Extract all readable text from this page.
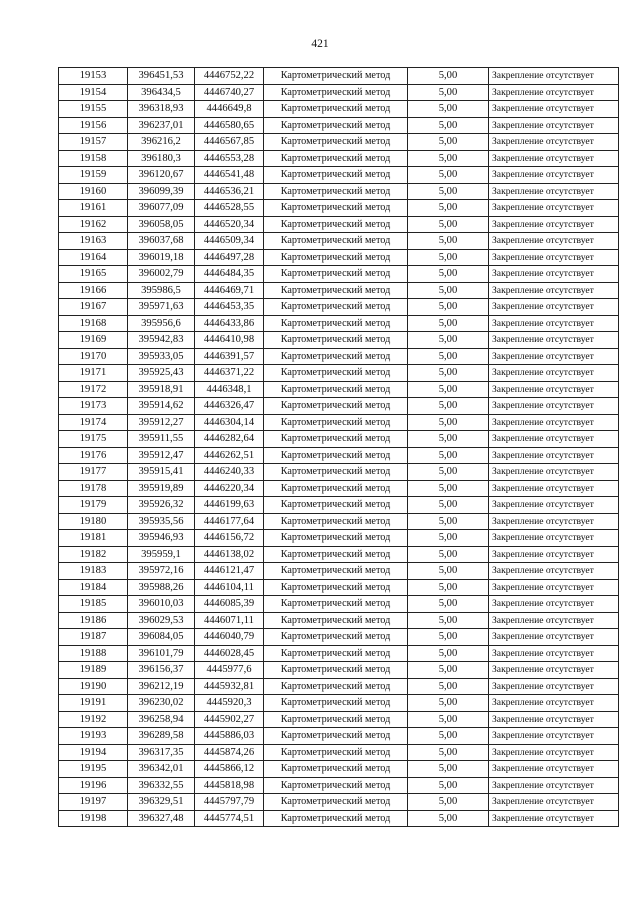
421
19153	396451,53	4446752,22	Картометрический метод	5,00	Закрепление отсутствует
19154	396434,5	4446740,27	Картометрический метод	5,00	Закрепление отсутствует
19155	396318,93	4446649,8	Картометрический метод	5,00	Закрепление отсутствует
19156	396237,01	4446580,65	Картометрический метод	5,00	Закрепление отсутствует
19157	396216,2	4446567,85	Картометрический метод	5,00	Закрепление отсутствует
19158	396180,3	4446553,28	Картометрический метод	5,00	Закрепление отсутствует
19159	396120,67	4446541,48	Картометрический метод	5,00	Закрепление отсутствует
19160	396099,39	4446536,21	Картометрический метод	5,00	Закрепление отсутствует
19161	396077,09	4446528,55	Картометрический метод	5,00	Закрепление отсутствует
19162	396058,05	4446520,34	Картометрический метод	5,00	Закрепление отсутствует
19163	396037,68	4446509,34	Картометрический метод	5,00	Закрепление отсутствует
19164	396019,18	4446497,28	Картометрический метод	5,00	Закрепление отсутствует
19165	396002,79	4446484,35	Картометрический метод	5,00	Закрепление отсутствует
19166	395986,5	4446469,71	Картометрический метод	5,00	Закрепление отсутствует
19167	395971,63	4446453,35	Картометрический метод	5,00	Закрепление отсутствует
19168	395956,6	4446433,86	Картометрический метод	5,00	Закрепление отсутствует
19169	395942,83	4446410,98	Картометрический метод	5,00	Закрепление отсутствует
19170	395933,05	4446391,57	Картометрический метод	5,00	Закрепление отсутствует
19171	395925,43	4446371,22	Картометрический метод	5,00	Закрепление отсутствует
19172	395918,91	4446348,1	Картометрический метод	5,00	Закрепление отсутствует
19173	395914,62	4446326,47	Картометрический метод	5,00	Закрепление отсутствует
19174	395912,27	4446304,14	Картометрический метод	5,00	Закрепление отсутствует
19175	395911,55	4446282,64	Картометрический метод	5,00	Закрепление отсутствует
19176	395912,47	4446262,51	Картометрический метод	5,00	Закрепление отсутствует
19177	395915,41	4446240,33	Картометрический метод	5,00	Закрепление отсутствует
19178	395919,89	4446220,34	Картометрический метод	5,00	Закрепление отсутствует
19179	395926,32	4446199,63	Картометрический метод	5,00	Закрепление отсутствует
19180	395935,56	4446177,64	Картометрический метод	5,00	Закрепление отсутствует
19181	395946,93	4446156,72	Картометрический метод	5,00	Закрепление отсутствует
19182	395959,1	4446138,02	Картометрический метод	5,00	Закрепление отсутствует
19183	395972,16	4446121,47	Картометрический метод	5,00	Закрепление отсутствует
19184	395988,26	4446104,11	Картометрический метод	5,00	Закрепление отсутствует
19185	396010,03	4446085,39	Картометрический метод	5,00	Закрепление отсутствует
19186	396029,53	4446071,11	Картометрический метод	5,00	Закрепление отсутствует
19187	396084,05	4446040,79	Картометрический метод	5,00	Закрепление отсутствует
19188	396101,79	4446028,45	Картометрический метод	5,00	Закрепление отсутствует
19189	396156,37	4445977,6	Картометрический метод	5,00	Закрепление отсутствует
19190	396212,19	4445932,81	Картометрический метод	5,00	Закрепление отсутствует
19191	396230,02	4445920,3	Картометрический метод	5,00	Закрепление отсутствует
19192	396258,94	4445902,27	Картометрический метод	5,00	Закрепление отсутствует
19193	396289,58	4445886,03	Картометрический метод	5,00	Закрепление отсутствует
19194	396317,35	4445874,26	Картометрический метод	5,00	Закрепление отсутствует
19195	396342,01	4445866,12	Картометрический метод	5,00	Закрепление отсутствует
19196	396332,55	4445818,98	Картометрический метод	5,00	Закрепление отсутствует
19197	396329,51	4445797,79	Картометрический метод	5,00	Закрепление отсутствует
19198	396327,48	4445774,51	Картометрический метод	5,00	Закрепление отсутствует
